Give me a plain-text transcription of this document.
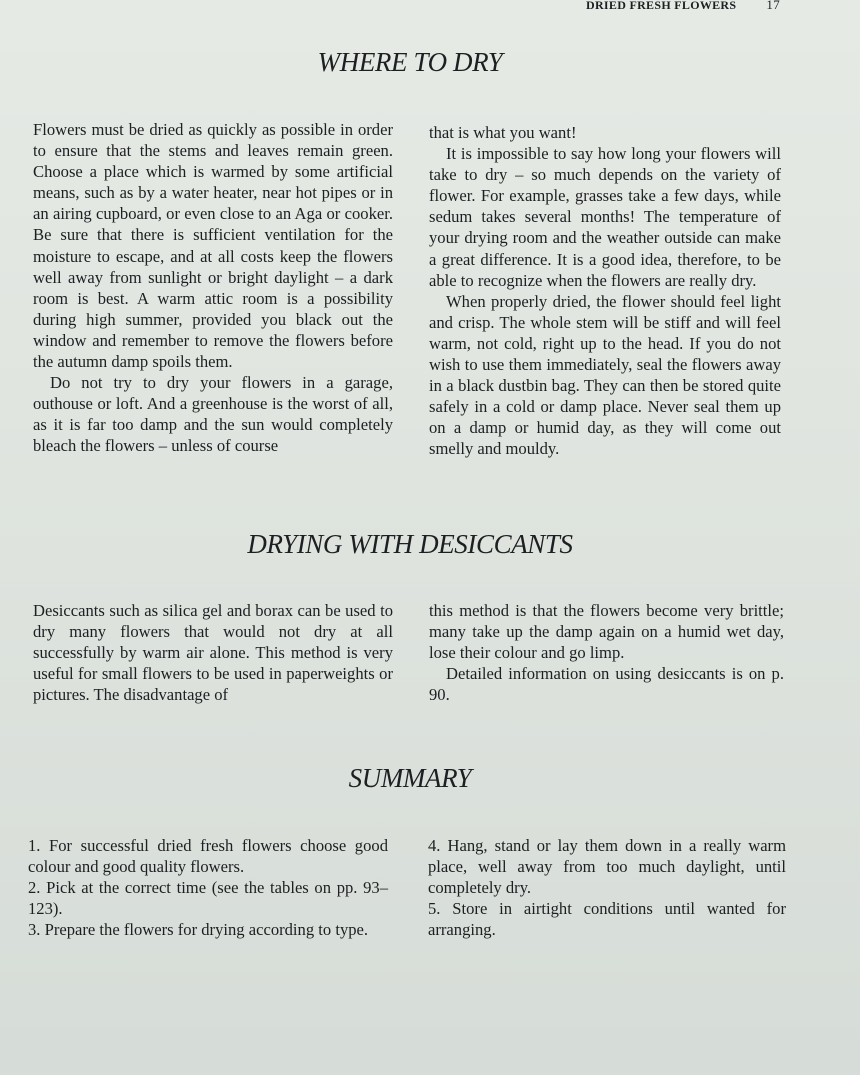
DRIED FRESH FLOWERS 17
WHERE TO DRY

Flowers must be dried as quickly as possible in order to ensure that the stems and leaves remain green. Choose a place which is warmed by some artificial means, such as by a water heater, near hot pipes or in an airing cupboard, or even close to an Aga or cooker. Be sure that there is sufficient ventilation for the moisture to escape, and at all costs keep the flowers well away from sunlight or bright daylight – a dark room is best. A warm attic room is a possibility during high summer, provided you black out the window and remember to remove the flowers before the autumn damp spoils them.

Do not try to dry your flowers in a garage, outhouse or loft. And a greenhouse is the worst of all, as it is far too damp and the sun would completely bleach the flowers – unless of course

that is what you want!

It is impossible to say how long your flowers will take to dry – so much depends on the variety of flower. For example, grasses take a few days, while sedum takes several months! The temperature of your drying room and the weather outside can make a great difference. It is a good idea, therefore, to be able to recognize when the flowers are really dry.

When properly dried, the flower should feel light and crisp. The whole stem will be stiff and will feel warm, not cold, right up to the head. If you do not wish to use them immediately, seal the flowers away in a black dustbin bag. They can then be stored quite safely in a cold or damp place. Never seal them up on a damp or humid day, as they will come out smelly and mouldy.

DRYING WITH DESICCANTS

Desiccants such as silica gel and borax can be used to dry many flowers that would not dry at all successfully by warm air alone. This method is very useful for small flowers to be used in paperweights or pictures. The disadvantage of

this method is that the flowers become very brittle; many take up the damp again on a humid wet day, lose their colour and go limp.

Detailed information on using desiccants is on p. 90.

SUMMARY

1. For successful dried fresh flowers choose good colour and good quality flowers.

2. Pick at the correct time (see the tables on pp. 93–123).

3. Prepare the flowers for drying according to type.

4. Hang, stand or lay them down in a really warm place, well away from too much daylight, until completely dry.

5. Store in airtight conditions until wanted for arranging.
